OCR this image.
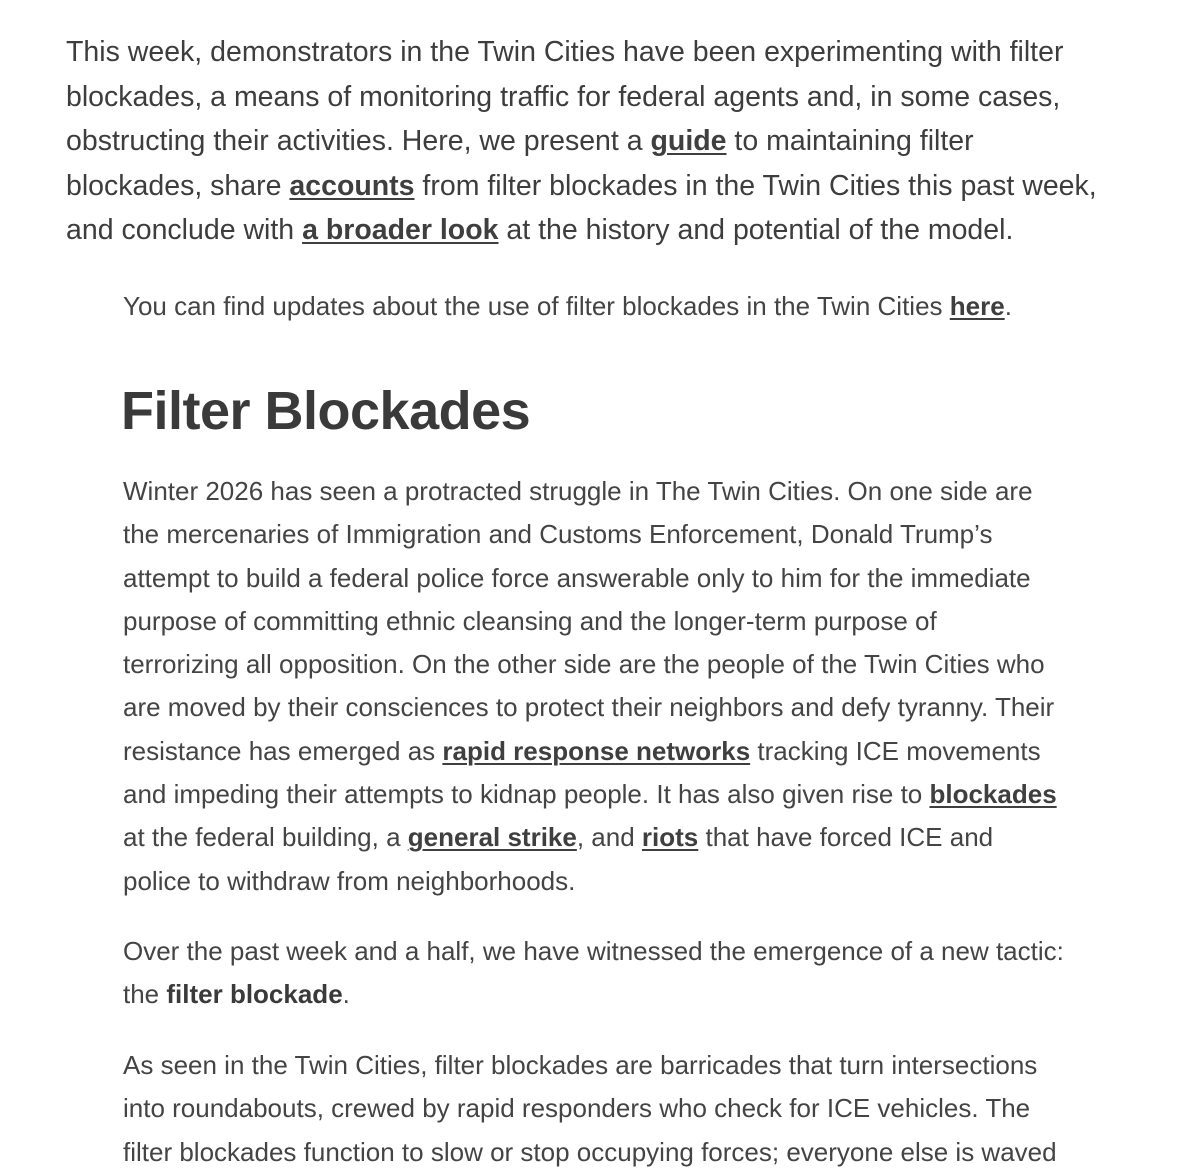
This week, demonstrators in the Twin Cities have been experimenting with filter
blockades, a means of monitoring traffic for federal agents and, in some cases,
obstructing their activities. Here, we present a guide to maintaining filter
blockades, share accounts from filter blockades in the Twin Cities this past week,
and conclude with a broader look at the history and potential of the model.
You can find updates about the use of filter blockades in the Twin Cities here.
Filter Blockades
Winter 2026 has seen a protracted struggle in The Twin Cities. On one side are
the mercenaries of Immigration and Customs Enforcement, Donald Trump’s
attempt to build a federal police force answerable only to him for the immediate
purpose of committing ethnic cleansing and the longer-term purpose of
terrorizing all opposition. On the other side are the people of the Twin Cities who
are moved by their consciences to protect their neighbors and defy tyranny. Their
resistance has emerged as rapid response networks tracking ICE movements
and impeding their attempts to kidnap people. It has also given rise to blockades
at the federal building, a general strike, and riots that have forced ICE and
police to withdraw from neighborhoods.
Over the past week and a half, we have witnessed the emergence of a new tactic:
the filter blockade.
As seen in the Twin Cities, filter blockades are barricades that turn intersections
into roundabouts, crewed by rapid responders who check for ICE vehicles. The
filter blockades function to slow or stop occupying forces; everyone else is waved
